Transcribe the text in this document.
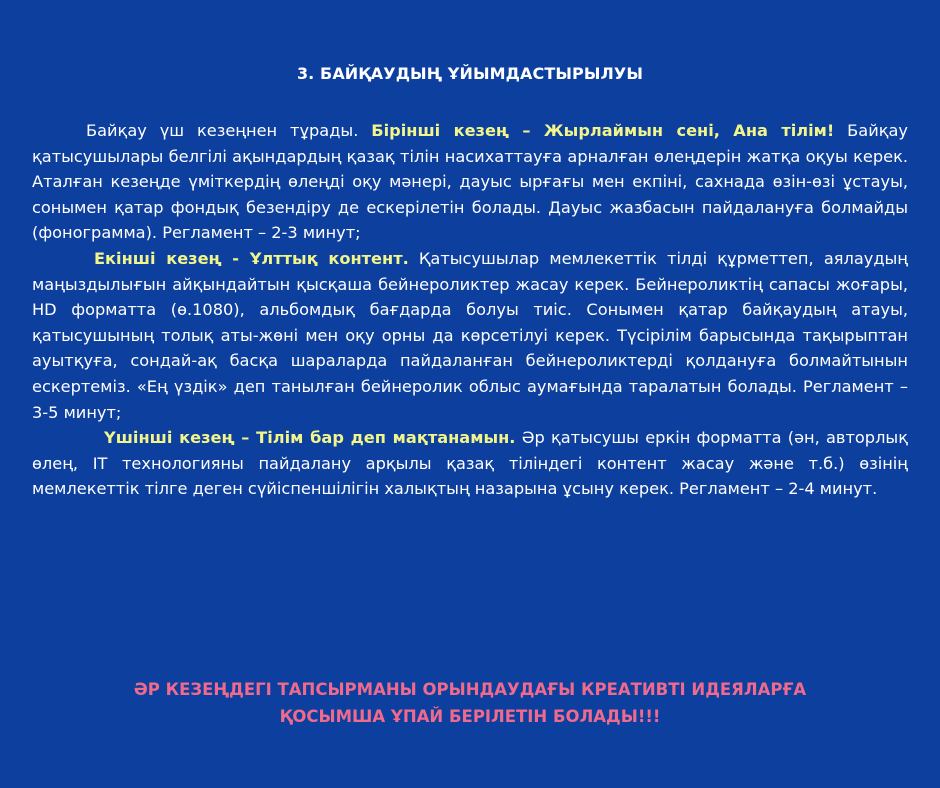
3. БАЙҚАУДЫҢ ҰЙЫМДАСТЫРЫЛУЫ

Байқау үш кезеңнен тұрады. Бірінші кезең – Жырлаймын сені, Ана тілім! Байқау қатысушылары белгілі ақындардың қазақ тілін насихаттауға арналған өлеңдерін жатқа оқуы керек. Аталған кезеңде үміткердің өлеңді оқу мәнері, дауыс ырғағы мен екпіні, сахнада өзін-өзі ұстауы, сонымен қатар фондық безендіру де ескерілетін болады. Дауыс жазбасын пайдалануға болмайды (фонограмма). Регламент – 2-3 минут;

Екінші кезең - Ұлттық контент. Қатысушылар мемлекеттік тілді құрметтеп, аялаудың маңыздылығын айқындайтын қысқаша бейнероликтер жасау керек. Бейнероликтің сапасы жоғары, HD форматта (ө.1080), альбомдық бағдарда болуы тиіс. Сонымен қатар байқаудың атауы, қатысушының толық аты-жөні мен оқу орны да көрсетілуі керек. Түсірілім барысында тақырыптан ауытқуға, сондай-ақ басқа шараларда пайдаланған бейнероликтерді қолдануға болмайтынын ескертеміз. «Ең үздік» деп танылған бейнеролик облыс аумағында таралатын болады. Регламент – 3-5 минут;

Үшінші кезең – Тілім бар деп мақтанамын. Әр қатысушы еркін форматта (ән, авторлық өлең, IT технологияны пайдалану арқылы қазақ тіліндегі контент жасау және т.б.) өзінің мемлекеттік тілге деген сүйіспеншілігін халықтың назарына ұсыну керек. Регламент – 2-4 минут.

ӘР КЕЗЕҢДЕГІ ТАПСЫРМАНЫ ОРЫНДАУДАҒЫ КРЕАТИВТІ ИДЕЯЛАРҒА
ҚОСЫМША ҰПАЙ БЕРІЛЕТІН БОЛАДЫ!!!
